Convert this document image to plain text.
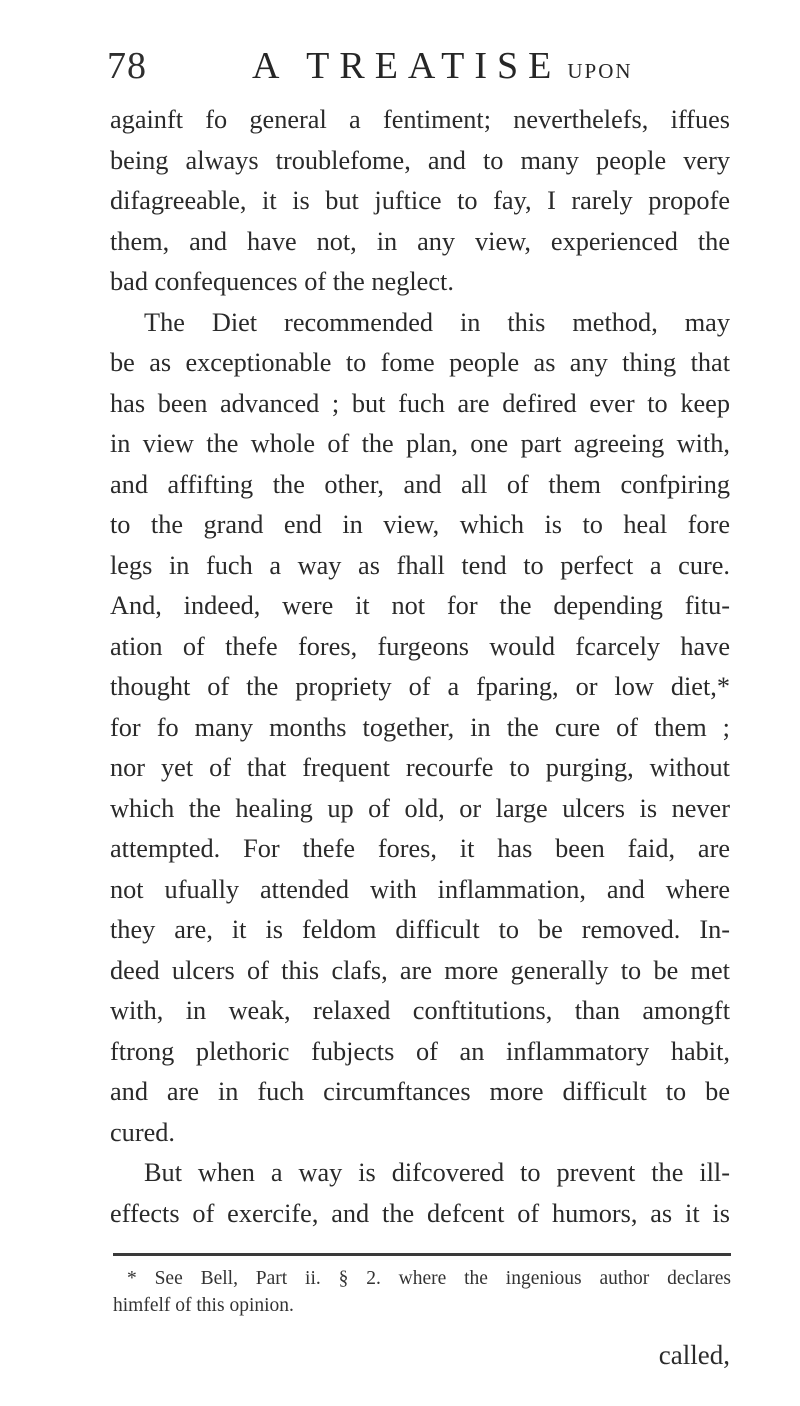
78	A TREATISE UPON
againft fo general a fentiment; neverthelefs, iffues
being always troublefome, and to many people very
difagreeable, it is but juftice to fay, I rarely propofe
them, and have not, in any view, experienced the
bad confequences of the neglect.
The Diet recommended in this method, may
be as exceptionable to fome people as any thing that
has been advanced ; but fuch are defired ever to keep
in view the whole of the plan, one part agreeing with,
and affifting the other, and all of them confpiring
to the grand end in view, which is to heal fore
legs in fuch a way as fhall tend to perfect a cure.
And, indeed, were it not for the depending fitu-
ation of thefe fores, furgeons would fcarcely have
thought of the propriety of a fparing, or low diet,*
for fo many months together, in the cure of them ;
nor yet of that frequent recourfe to purging, without
which the healing up of old, or large ulcers is never
attempted. For thefe fores, it has been faid, are
not ufually attended with inflammation, and where
they are, it is feldom difficult to be removed. In-
deed ulcers of this clafs, are more generally to be met
with, in weak, relaxed conftitutions, than amongft
ftrong plethoric fubjects of an inflammatory habit,
and are in fuch circumftances more difficult to be
cured.
But when a way is difcovered to prevent the ill-
effects of exercife, and the defcent of humors, as it is
* See Bell, Part ii. § 2. where the ingenious author declares
himfelf of this opinion.
called,
